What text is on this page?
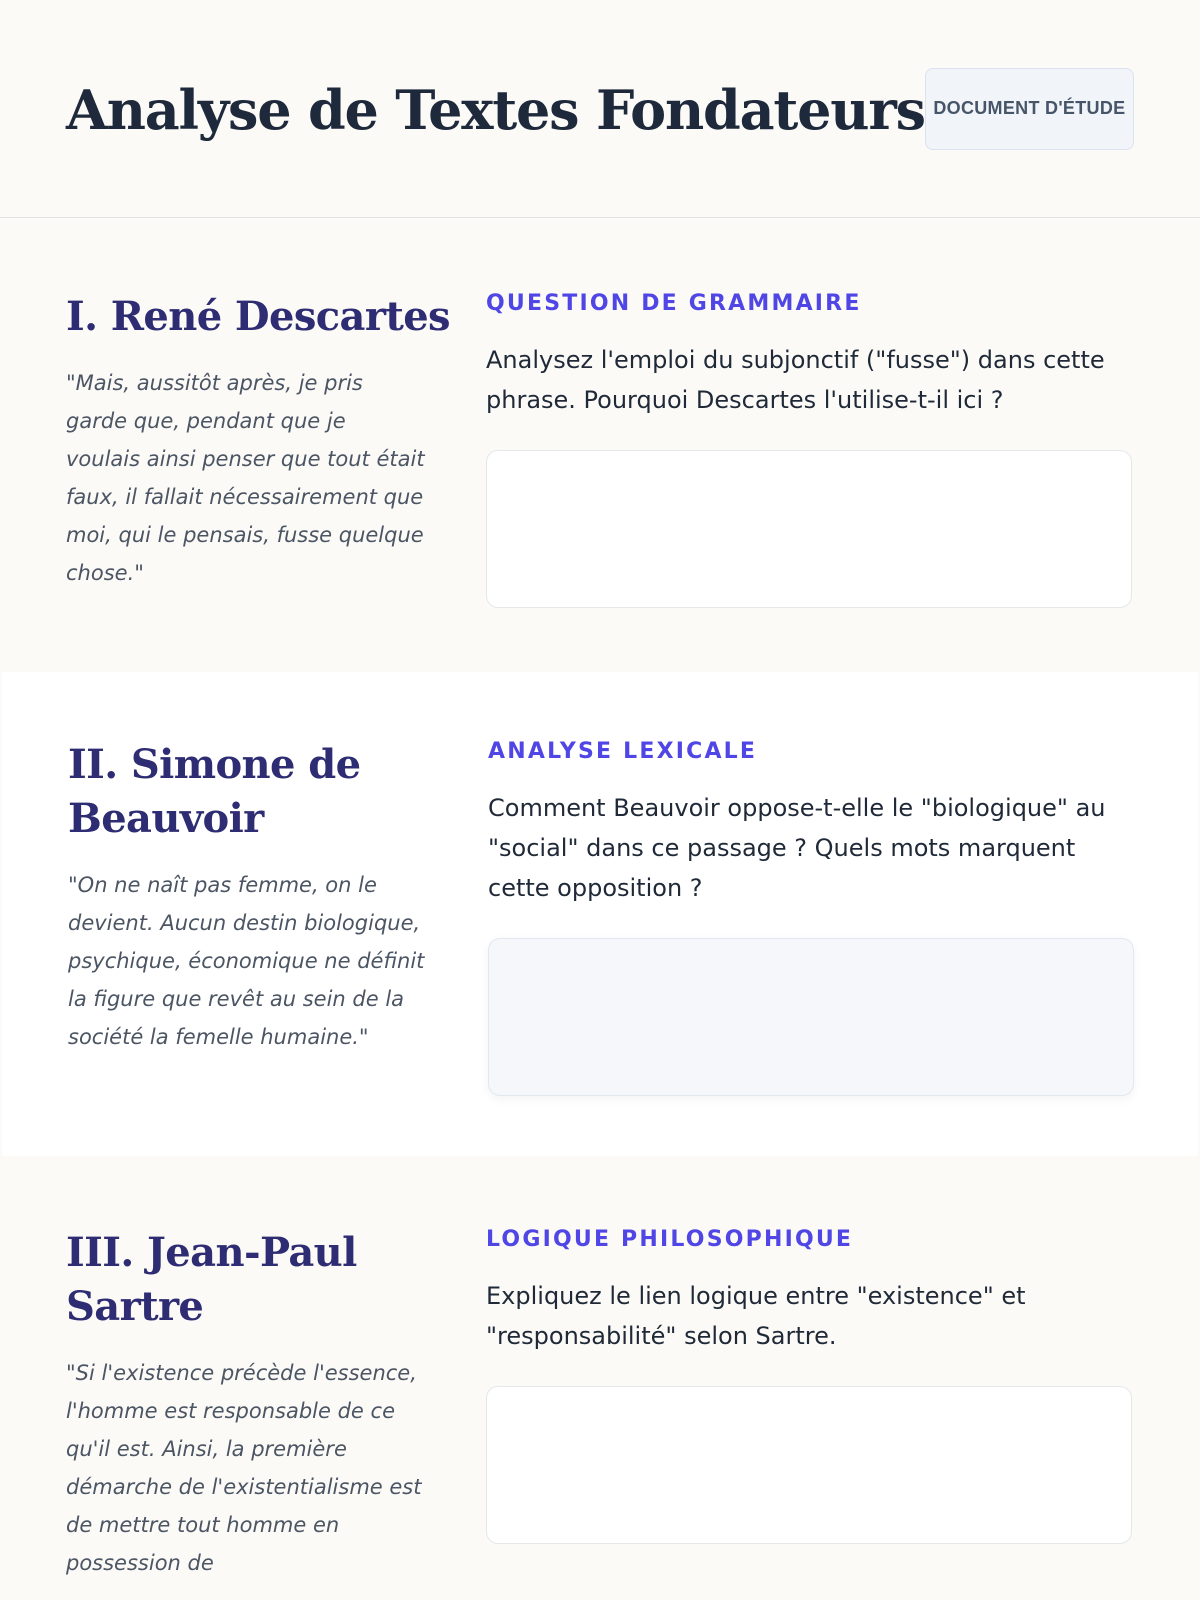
Analyse de Textes Fondateurs DOCUMENT D'ÉTUDE
I. René Descartes

"Mais, aussitôt après, je pris garde que, pendant que je voulais ainsi penser que tout était faux, il fallait nécessairement que moi, qui le pensais, fusse quelque chose."

QUESTION DE GRAMMAIRE

Analysez l'emploi du subjonctif ("fusse") dans cette phrase. Pourquoi Descartes l'utilise-t-il ici ?

II. Simone de Beauvoir

"On ne naît pas femme, on le devient. Aucun destin biologique, psychique, économique ne définit la figure que revêt au sein de la société la femelle humaine."

ANALYSE LEXICALE

Comment Beauvoir oppose-t-elle le "biologique" au "social" dans ce passage ? Quels mots marquent cette opposition ?

III. Jean-Paul Sartre

"Si l'existence précède l'essence, l'homme est responsable de ce qu'il est. Ainsi, la première démarche de l'existentialisme est de mettre tout homme en possession de

LOGIQUE PHILOSOPHIQUE

Expliquez le lien logique entre "existence" et "responsabilité" selon Sartre.
